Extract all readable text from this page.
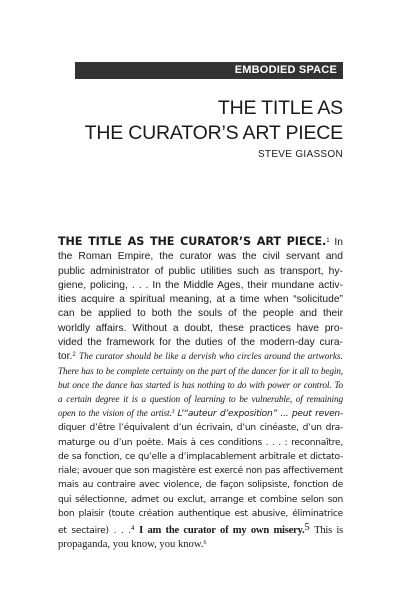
EMBODIED SPACE
THE TITLE AS
THE CURATOR’S ART PIECE
STEVE GIASSON
THE TITLE AS THE CURATOR’S ART PIECE.$^1$ In
the Roman Empire, the curator was the civil servant and
public administrator of public utilities such as transport, hy-
giene, policing, . . . In the Middle Ages, their mundane activ-
ities acquire a spiritual meaning, at a time when “solicitude”
can be applied to both the souls of the people and their
worldly affairs. Without a doubt, these practices have pro-
vided the framework for the duties of the modern-day cura-
tor.$^2$ The curator should be like a dervish who circles around the artworks.
There has to be complete certainty on the part of the dancer for it all to begin,
but once the dance has started is has nothing to do with power or control. To
a certain degree it is a question of learning to be vulnerable, of remaining
open to the vision of the artist.$^3$ L’“auteur d’exposition” ... peut reven-
diquer d’être l’équivalent d’un écrivain, d’un cinéaste, d’un dra-
maturge ou d’un poète. Mais à ces conditions . . . : reconnaître,
de sa fonction, ce qu’elle a d’implacablement arbitrale et dictato-
riale; avouer que son magistère est exercé non pas affectivement
mais au contraire avec violence, de façon solipsiste, fonction de
qui sélectionne, admet ou exclut, arrange et combine selon son
bon plaisir (toute création authentique est abusive, éliminatrice
et sectaire) . . .$^4$ I am the curator of my own misery.$^5$ This is
propaganda, you know, you know.$^6$
